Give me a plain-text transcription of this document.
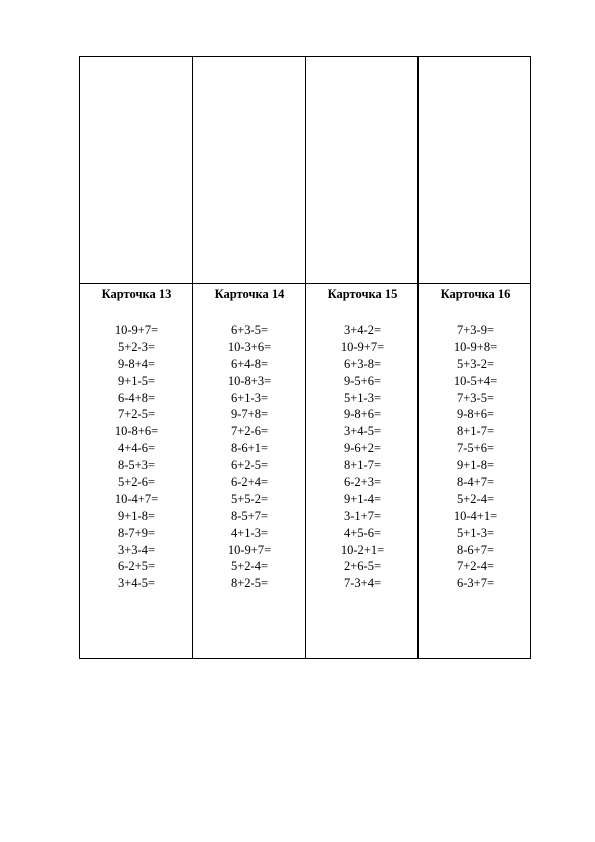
Карточка 13
10-9+7=
5+2-3=
9-8+4=
9+1-5=
6-4+8=
7+2-5=
10-8+6=
4+4-6=
8-5+3=
5+2-6=
10-4+7=
9+1-8=
8-7+9=
3+3-4=
6-2+5=
3+4-5=
Карточка 14
6+3-5=
10-3+6=
6+4-8=
10-8+3=
6+1-3=
9-7+8=
7+2-6=
8-6+1=
6+2-5=
6-2+4=
5+5-2=
8-5+7=
4+1-3=
10-9+7=
5+2-4=
8+2-5=
Карточка 15
3+4-2=
10-9+7=
6+3-8=
9-5+6=
5+1-3=
9-8+6=
3+4-5=
9-6+2=
8+1-7=
6-2+3=
9+1-4=
3-1+7=
4+5-6=
10-2+1=
2+6-5=
7-3+4=
Карточка 16
7+3-9=
10-9+8=
5+3-2=
10-5+4=
7+3-5=
9-8+6=
8+1-7=
7-5+6=
9+1-8=
8-4+7=
5+2-4=
10-4+1=
5+1-3=
8-6+7=
7+2-4=
6-3+7=
